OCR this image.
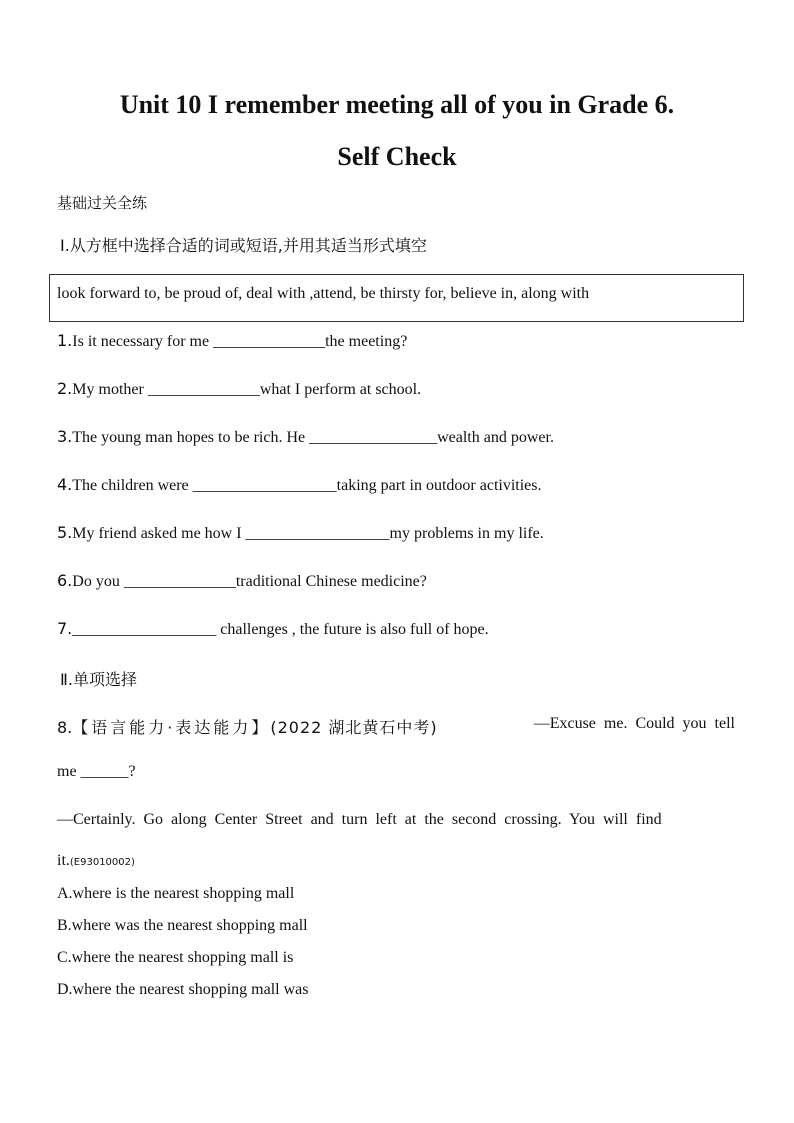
Unit 10 I remember meeting all of you in Grade 6.
Self Check
基础过关全练
Ⅰ.从方框中选择合适的词或短语,并用其适当形式填空
look forward to, be proud of, deal with ,attend, be thirsty for, believe in, along with
1.Is it necessary for me ______________the meeting?
2.My mother ______________what I perform at school.
3.The young man hopes to be rich. He ________________wealth and power.
4.The children were __________________taking part in outdoor activities.
5.My friend asked me how I __________________my problems in my life.
6.Do you ______________traditional Chinese medicine?
7.__________________ challenges , the future is also full of hope.
Ⅱ.单项选择
8.【语言能力·表达能力】(2022 湖北黄石中考)	—Excuse  me.  Could  you  tell
me ______?
—Certainly.  Go  along  Center  Street  and  turn  left  at  the  second  crossing.  You  will  find
it.(E93010002)
A.where is the nearest shopping mall
B.where was the nearest shopping mall
C.where the nearest shopping mall is
D.where the nearest shopping mall was
